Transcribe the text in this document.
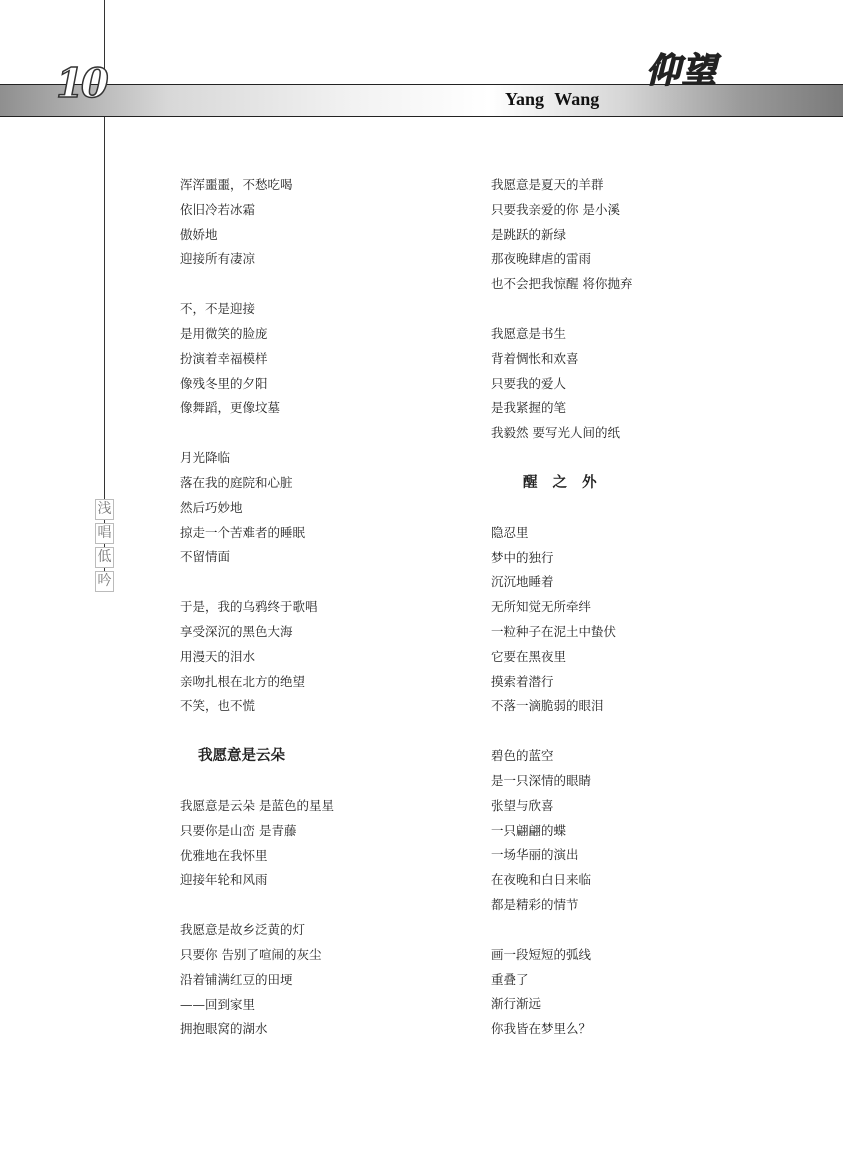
10	Yang Wang
仰望
浅
唱
低
吟
浑浑噩噩，不愁吃喝
依旧冷若冰霜
傲娇地
迎接所有凄凉
不，不是迎接
是用微笑的脸庞
扮演着幸福模样
像残冬里的夕阳
像舞蹈，更像坟墓
月光降临
落在我的庭院和心脏
然后巧妙地
掠走一个苦难者的睡眠
不留情面
于是，我的乌鸦终于歌唱
享受深沉的黑色大海
用漫天的泪水
亲吻扎根在北方的绝望
不笑，也不慌
我愿意是云朵
我愿意是云朵 是蓝色的星星
只要你是山峦 是青藤
优雅地在我怀里
迎接年轮和风雨
我愿意是故乡泛黄的灯
只要你 告别了喧闹的灰尘
沿着铺满红豆的田埂
——回到家里
拥抱眼窝的湖水
我愿意是夏天的羊群
只要我亲爱的你 是小溪
是跳跃的新绿
那夜晚肆虐的雷雨
也不会把我惊醒 将你抛弃
我愿意是书生
背着惆怅和欢喜
只要我的爱人
是我紧握的笔
我毅然 要写光人间的纸
醒 之 外
隐忍里
梦中的独行
沉沉地睡着
无所知觉无所牵绊
一粒种子在泥土中蛰伏
它要在黑夜里
摸索着潜行
不落一滴脆弱的眼泪
碧色的蓝空
是一只深情的眼睛
张望与欣喜
一只翩翩的蝶
一场华丽的演出
在夜晚和白日来临
都是精彩的情节
画一段短短的弧线
重叠了
渐行渐远
你我皆在梦里么？
